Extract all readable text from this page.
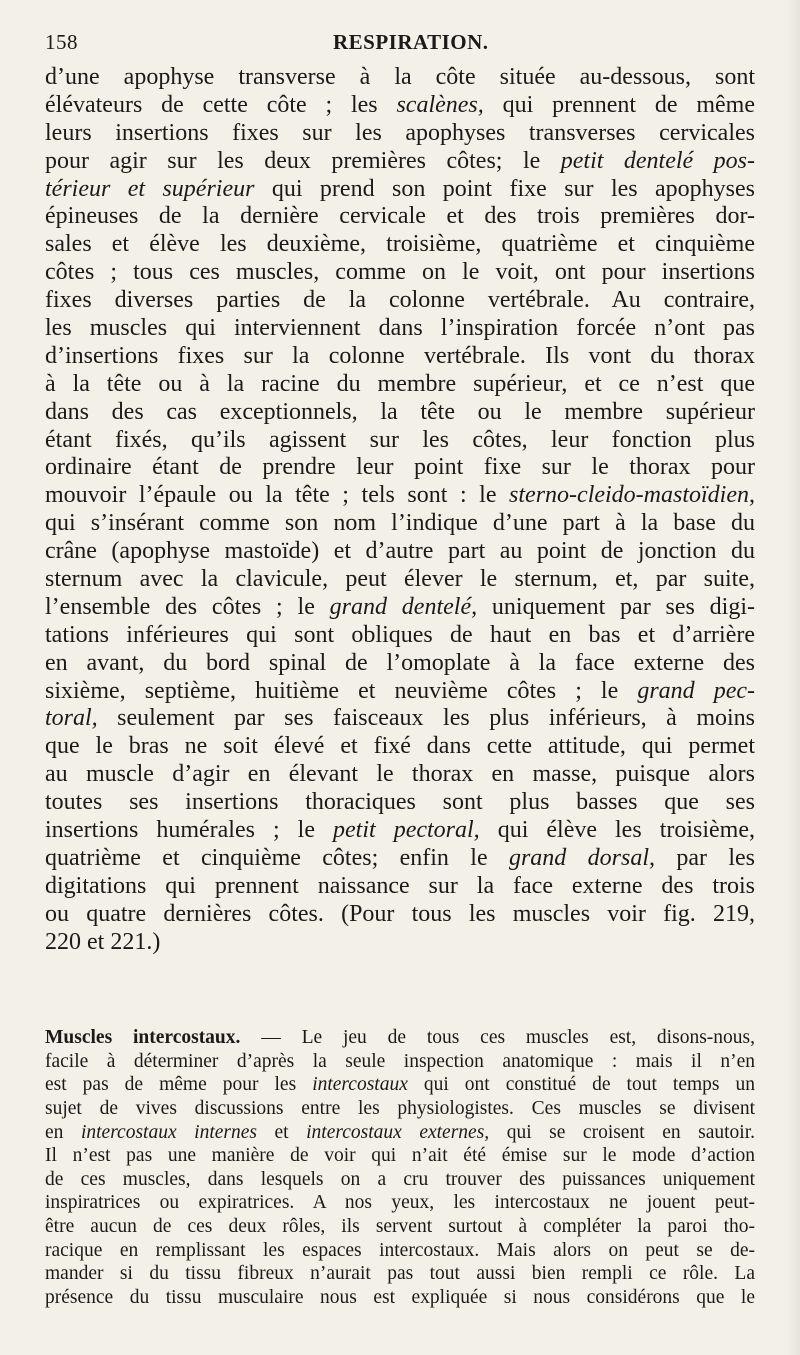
158	RESPIRATION.
d’une apophyse transverse à la côte située au-dessous, sont
élévateurs de cette côte ; les scalènes, qui prennent de même
leurs insertions fixes sur les apophyses transverses cervicales
pour agir sur les deux premières côtes; le petit dentelé pos-
térieur et supérieur qui prend son point fixe sur les apophyses
épineuses de la dernière cervicale et des trois premières dor-
sales et élève les deuxième, troisième, quatrième et cinquième
côtes ; tous ces muscles, comme on le voit, ont pour insertions
fixes diverses parties de la colonne vertébrale. Au contraire,
les muscles qui interviennent dans l’inspiration forcée n’ont pas
d’insertions fixes sur la colonne vertébrale. Ils vont du thorax
à la tête ou à la racine du membre supérieur, et ce n’est que
dans des cas exceptionnels, la tête ou le membre supérieur
étant fixés, qu’ils agissent sur les côtes, leur fonction plus
ordinaire étant de prendre leur point fixe sur le thorax pour
mouvoir l’épaule ou la tête ; tels sont : le sterno-cleido-mastoïdien,
qui s’insérant comme son nom l’indique d’une part à la base du
crâne (apophyse mastoïde) et d’autre part au point de jonction du
sternum avec la clavicule, peut élever le sternum, et, par suite,
l’ensemble des côtes ; le grand dentelé, uniquement par ses digi-
tations inférieures qui sont obliques de haut en bas et d’arrière
en avant, du bord spinal de l’omoplate à la face externe des
sixième, septième, huitième et neuvième côtes ; le grand pec-
toral, seulement par ses faisceaux les plus inférieurs, à moins
que le bras ne soit élevé et fixé dans cette attitude, qui permet
au muscle d’agir en élevant le thorax en masse, puisque alors
toutes ses insertions thoraciques sont plus basses que ses
insertions humérales ; le petit pectoral, qui élève les troisième,
quatrième et cinquième côtes; enfin le grand dorsal, par les
digitations qui prennent naissance sur la face externe des trois
ou quatre dernières côtes. (Pour tous les muscles voir fig. 219,
220 et 221.)
Muscles intercostaux. — Le jeu de tous ces muscles est, disons-nous,
facile à déterminer d’après la seule inspection anatomique : mais il n’en
est pas de même pour les intercostaux qui ont constitué de tout temps un
sujet de vives discussions entre les physiologistes. Ces muscles se divisent
en intercostaux internes et intercostaux externes, qui se croisent en sautoir.
Il n’est pas une manière de voir qui n’ait été émise sur le mode d’action
de ces muscles, dans lesquels on a cru trouver des puissances uniquement
inspiratrices ou expiratrices. A nos yeux, les intercostaux ne jouent peut-
être aucun de ces deux rôles, ils servent surtout à compléter la paroi tho-
racique en remplissant les espaces intercostaux. Mais alors on peut se de-
mander si du tissu fibreux n’aurait pas tout aussi bien rempli ce rôle. La
présence du tissu musculaire nous est expliquée si nous considérons que le
